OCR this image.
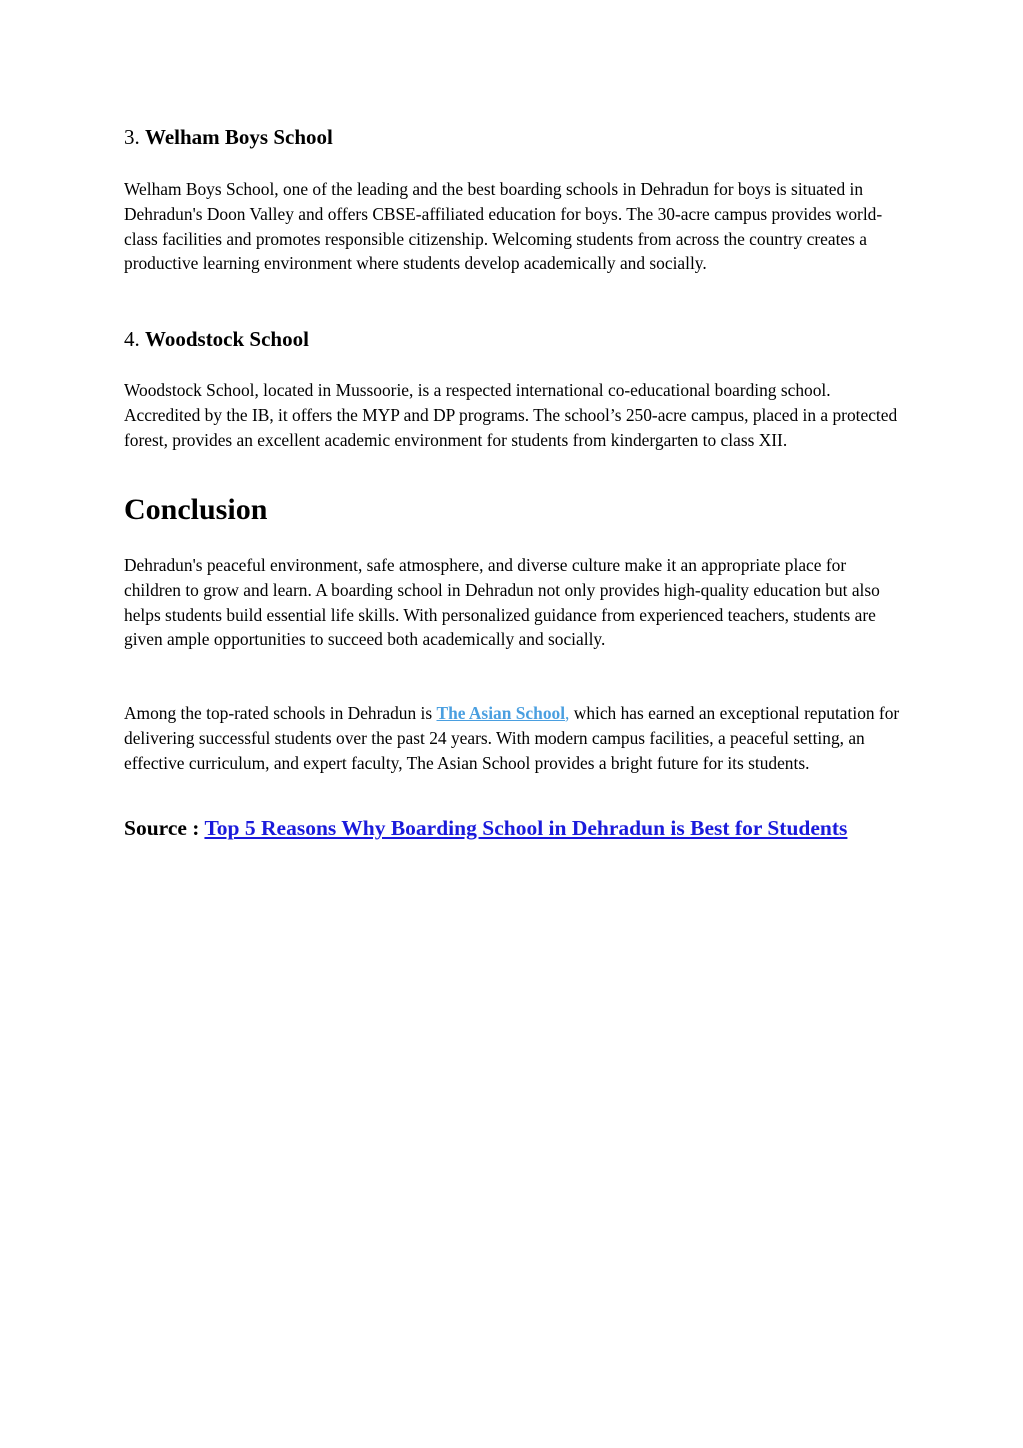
3. Welham Boys School

Welham Boys School, one of the leading and the best boarding schools in Dehradun for boys is situated in Dehradun's Doon Valley and offers CBSE-affiliated education for boys. The 30-acre campus provides world-class facilities and promotes responsible citizenship. Welcoming students from across the country creates a productive learning environment where students develop academically and socially.

4. Woodstock School

Woodstock School, located in Mussoorie, is a respected international co-educational boarding school. Accredited by the IB, it offers the MYP and DP programs. The school’s 250-acre campus, placed in a protected forest, provides an excellent academic environment for students from kindergarten to class XII.

Conclusion

Dehradun's peaceful environment, safe atmosphere, and diverse culture make it an appropriate place for children to grow and learn. A boarding school in Dehradun not only provides high-quality education but also helps students build essential life skills. With personalized guidance from experienced teachers, students are given ample opportunities to succeed both academically and socially.

Among the top-rated schools in Dehradun is The Asian School, which has earned an exceptional reputation for delivering successful students over the past 24 years. With modern campus facilities, a peaceful setting, an effective curriculum, and expert faculty, The Asian School provides a bright future for its students.

Source : Top 5 Reasons Why Boarding School in Dehradun is Best for Students
